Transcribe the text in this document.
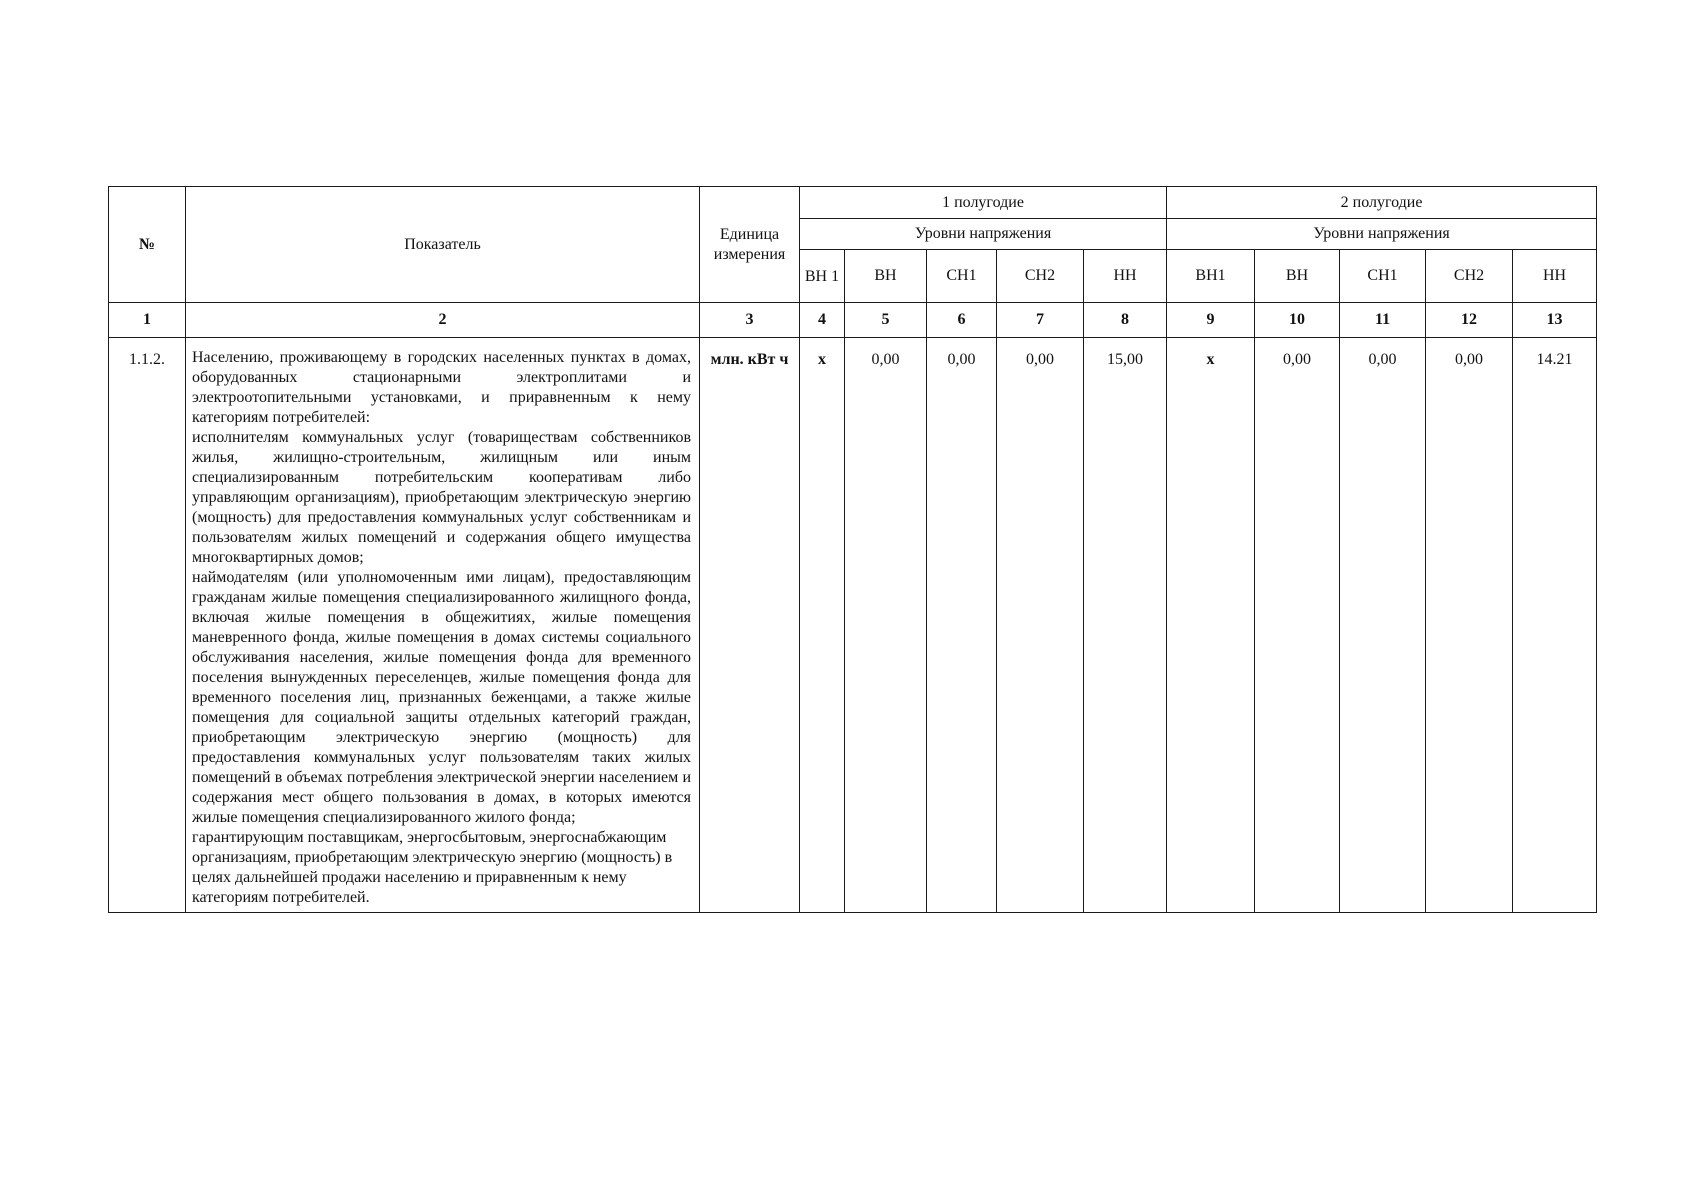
№	Показатель	Единица измерения	1 полугодие					2 полугодие				
			Уровни напряжения					Уровни напряжения				
			ВН 1	ВН	СН1	СН2	НН	ВН1	ВН	СН1	СН2	НН
1	2	3	4	5	6	7	8	9	10	11	12	13
1.1.2.	Населению, проживающему в городских населенных пунктах в домах, оборудованных стационарными электроплитами и электроотопительными установками, и приравненным к нему категориям потребителей:

исполнителям коммунальных услуг (товариществам собственников жилья, жилищно-строительным, жилищным или иным специализированным потребительским кооперативам либо управляющим организациям), приобретающим электрическую энергию (мощность) для предоставления коммунальных услуг собственникам и пользователям жилых помещений и содержания общего имущества многоквартирных домов;

наймодателям (или уполномоченным ими лицам), предоставляющим гражданам жилые помещения специализированного жилищного фонда, включая жилые помещения в общежитиях, жилые помещения маневренного фонда, жилые помещения в домах системы социального обслуживания населения, жилые помещения фонда для временного поселения вынужденных переселенцев, жилые помещения фонда для временного поселения лиц, признанных беженцами, а также жилые помещения для социальной защиты отдельных категорий граждан, приобретающим электрическую энергию (мощность) для предоставления коммунальных услуг пользователям таких жилых помещений в объемах потребления электрической энергии населением и содержания мест общего пользования в домах, в которых имеются жилые помещения специализированного жилого фонда;

гарантирующим поставщикам, энергосбытовым, энергоснабжающим организациям, приобретающим электрическую энергию (мощность) в целях дальнейшей продажи населению и приравненным к нему категориям потребителей.	млн. кВт ч	х	0,00	0,00	0,00	15,00	х	0,00	0,00	0,00	14.21
